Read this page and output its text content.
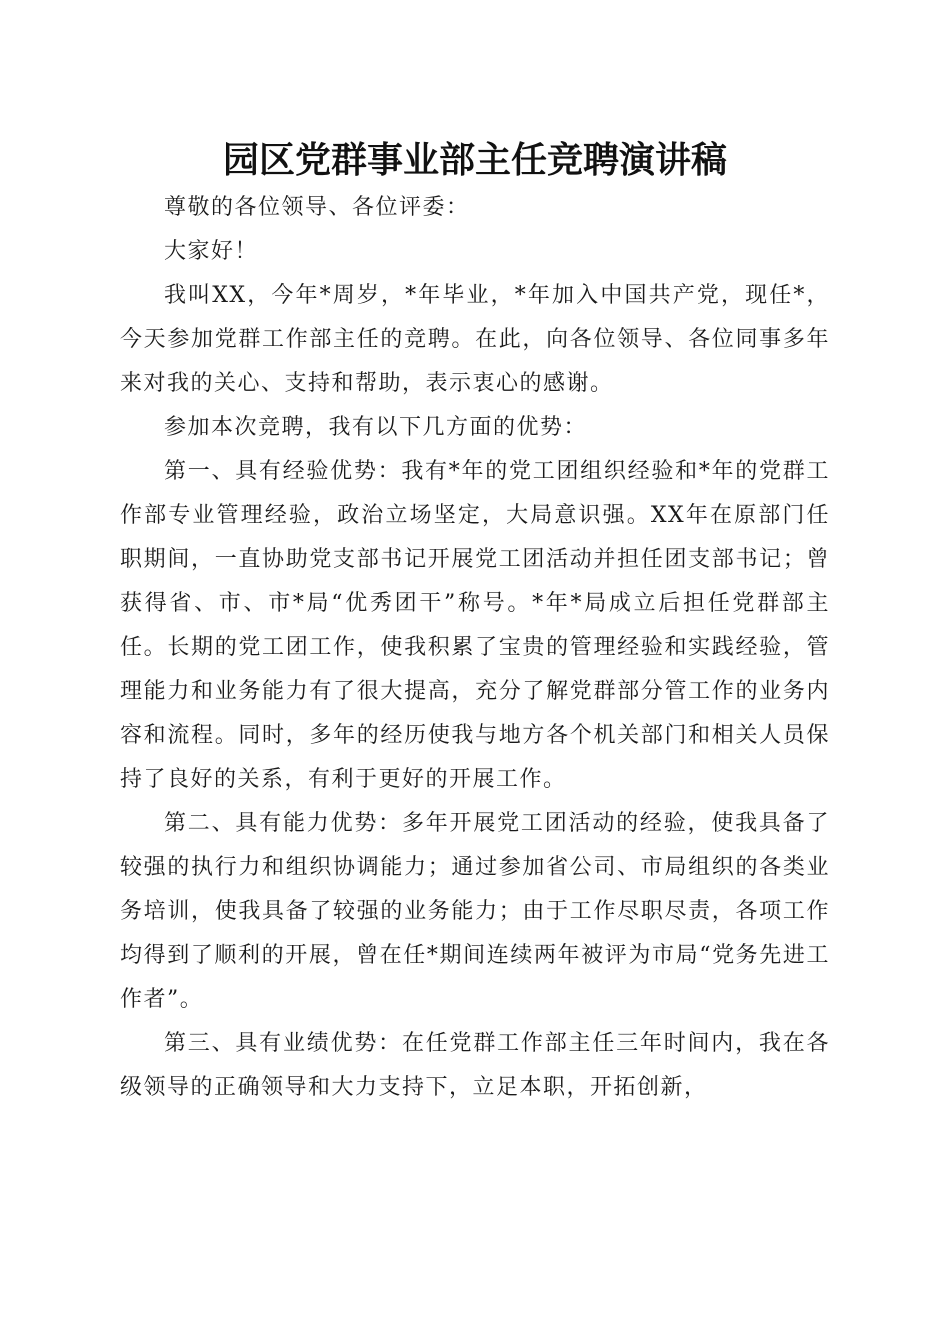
园区党群事业部主任竞聘演讲稿

尊敬的各位领导、各位评委：

大家好！

我叫XX，今年*周岁，*年毕业，*年加入中国共产党，现任*，今天参加党群工作部主任的竞聘。在此，向各位领导、各位同事多年来对我的关心、支持和帮助，表示衷心的感谢。

参加本次竞聘，我有以下几方面的优势：

第一、具有经验优势：我有*年的党工团组织经验和*年的党群工作部专业管理经验，政治立场坚定，大局意识强。XX年在原部门任职期间，一直协助党支部书记开展党工团活动并担任团支部书记；曾获得省、市、市*局“优秀团干”称号。*年*局成立后担任党群部主任。长期的党工团工作，使我积累了宝贵的管理经验和实践经验，管理能力和业务能力有了很大提高，充分了解党群部分管工作的业务内容和流程。同时，多年的经历使我与地方各个机关部门和相关人员保持了良好的关系，有利于更好的开展工作。

第二、具有能力优势：多年开展党工团活动的经验，使我具备了较强的执行力和组织协调能力；通过参加省公司、市局组织的各类业务培训，使我具备了较强的业务能力；由于工作尽职尽责，各项工作均得到了顺利的开展，曾在任*期间连续两年被评为市局“党务先进工作者”。

第三、具有业绩优势：在任党群工作部主任三年时间内，我在各级领导的正确领导和大力支持下，立足本职，开拓创新，
